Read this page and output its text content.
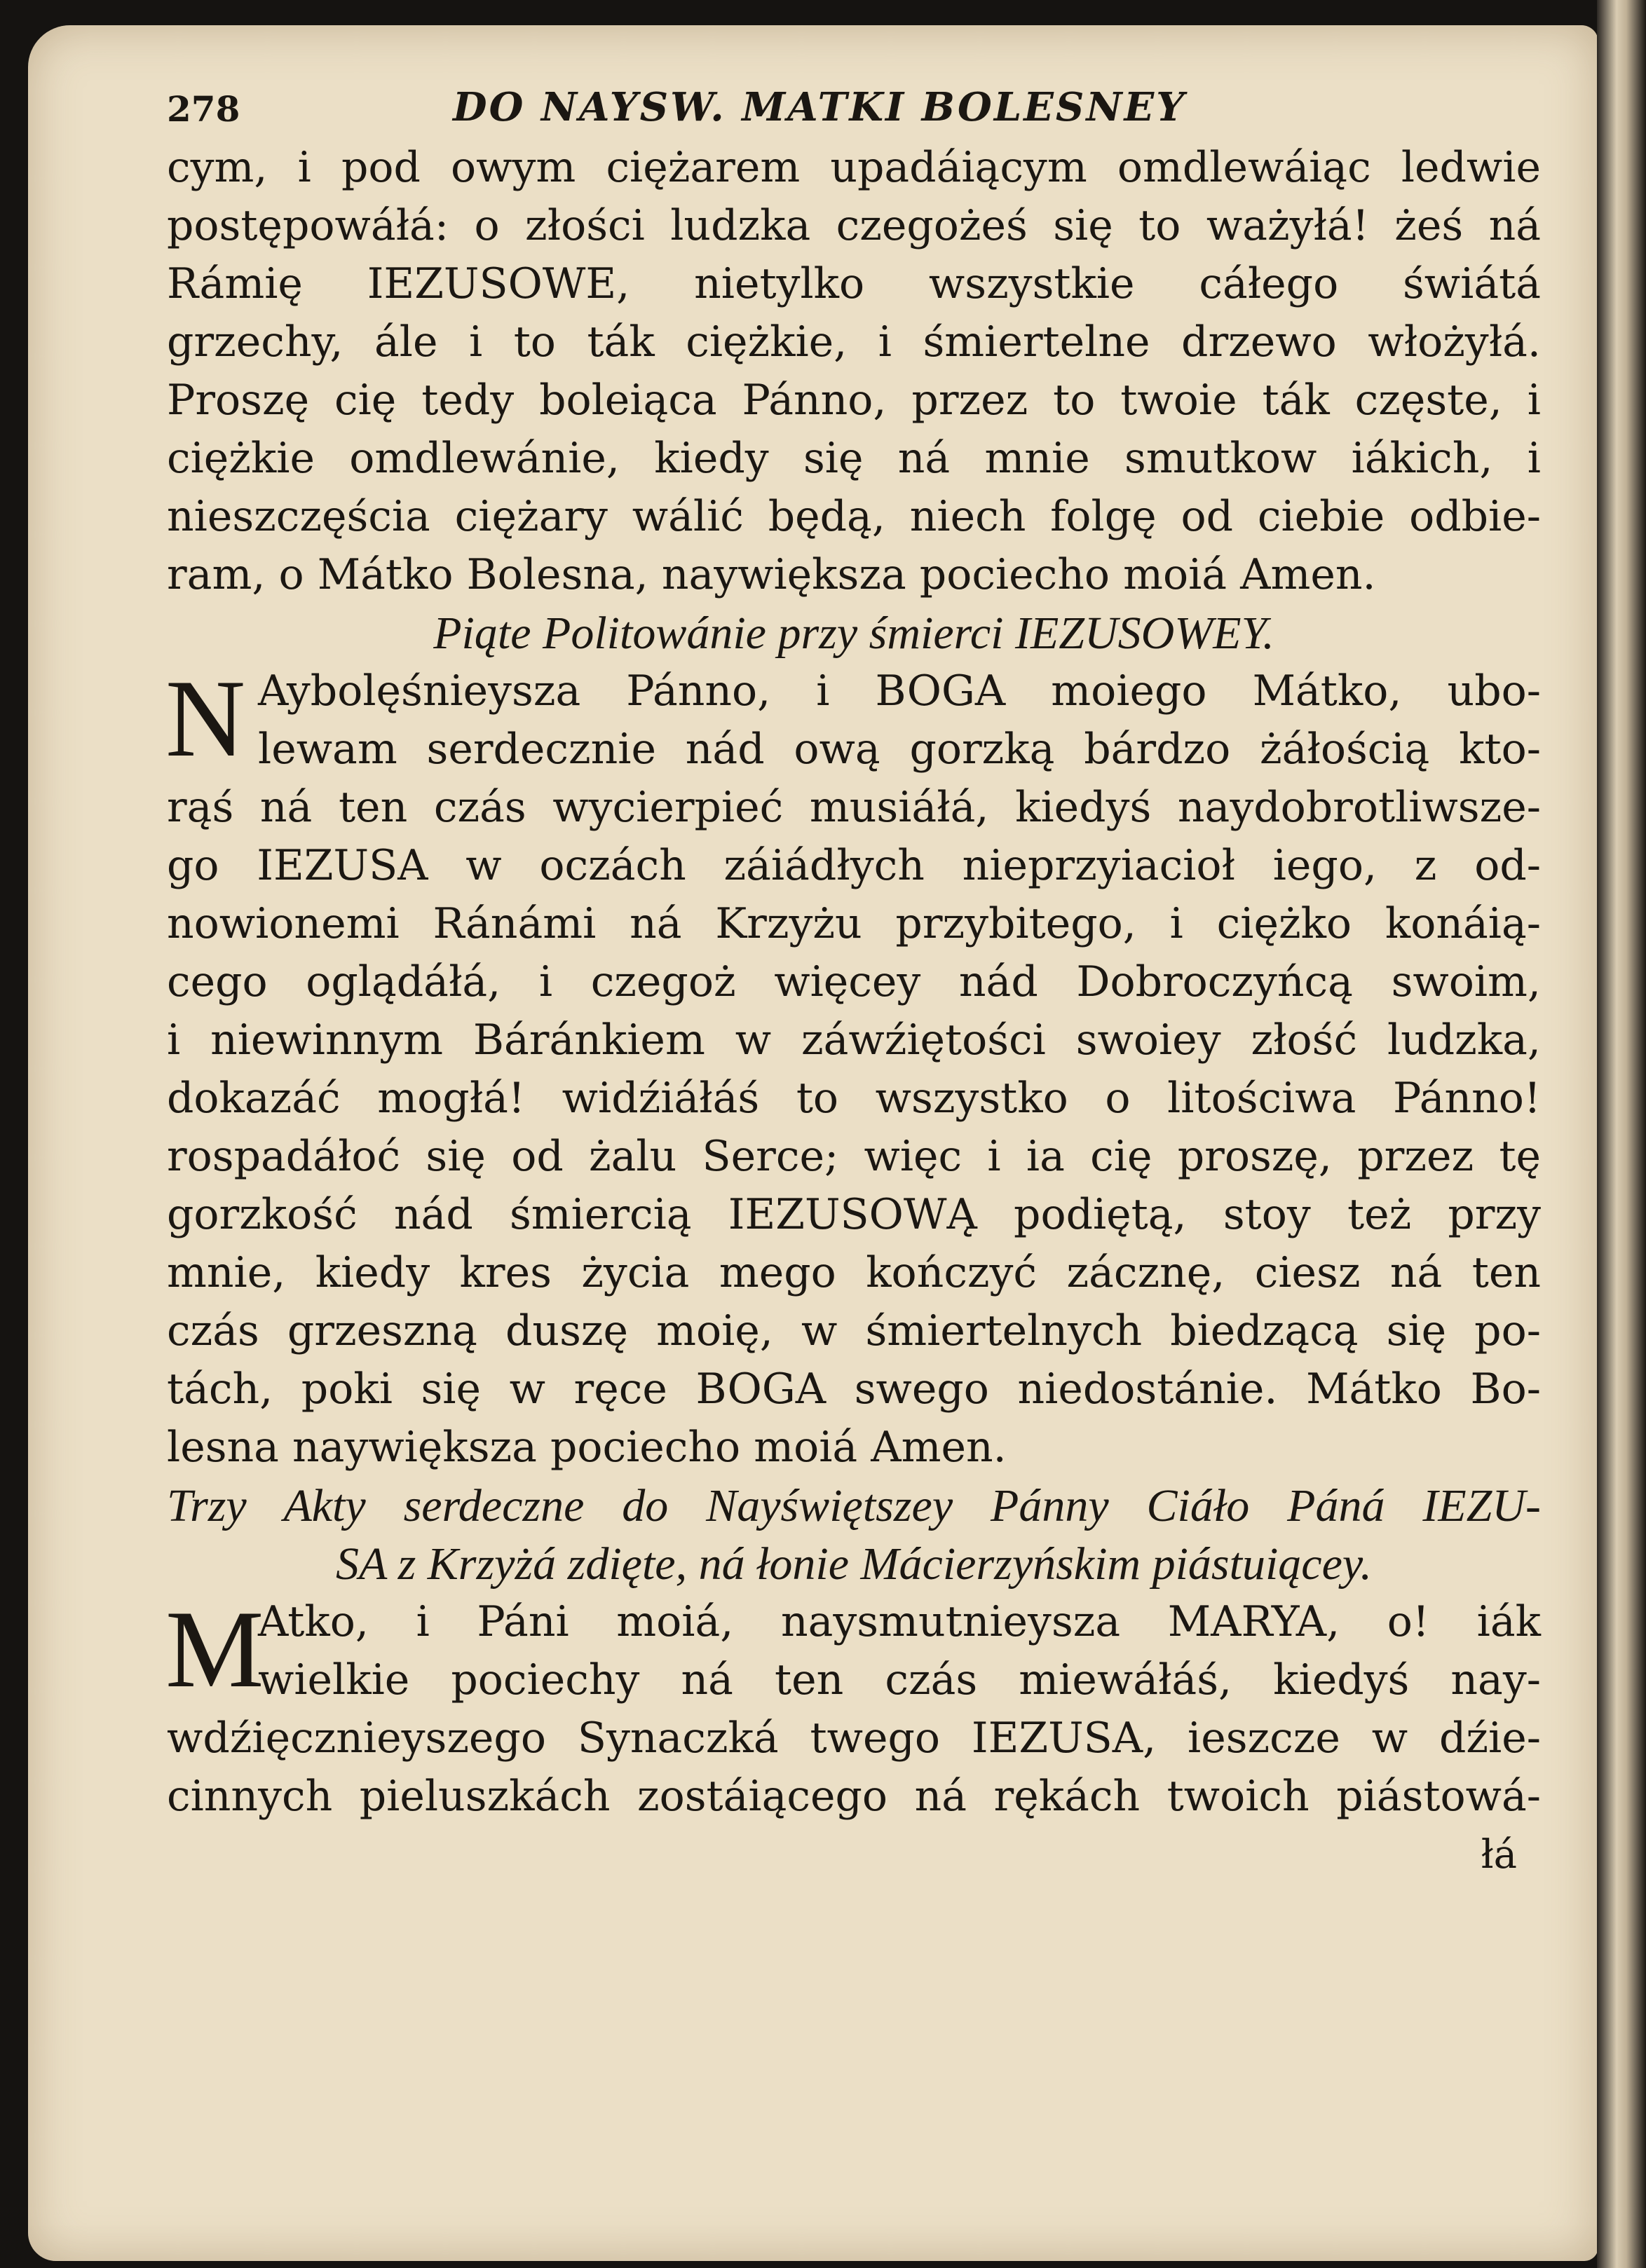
278	DO NAYSW. MATKI BOLESNEY
cym, i pod owym ciężarem upadáiącym omdlewáiąc ledwie
postępowáłá: o złości ludzka czegożeś się to ważyłá! żeś ná
Rámię IEZUSOWE, nietylko wszystkie cáłego świátá
grzechy, ále i to ták ciężkie, i śmiertelne drzewo włożyłá.
Proszę cię tedy boleiąca Pánno, przez to twoie ták częste, i
ciężkie omdlewánie, kiedy się ná mnie smutkow iákich, i
nieszczęścia ciężary wálić będą, niech folgę od ciebie odbie-
ram, o Mátko Bolesna, naywiększa pociecho moiá Amen.
Piąte Politowánie przy śmierci IEZUSOWEY.
N Aybolęśnieysza Pánno, i BOGA moiego Mátko, ubo-
lewam serdecznie nád ową gorzką bárdzo żáłością kto-
rąś ná ten czás wycierpieć musiáłá, kiedyś naydobrotliwsze-
go IEZUSA w oczách záiádłych nieprzyiacioł iego, z od-
nowionemi Ránámi ná Krzyżu przybitego, i ciężko konáią-
cego oglądáłá, i czegoż więcey nád Dobroczyńcą swoim,
i niewinnym Báránkiem w záwźiętości swoiey złość ludzka,
dokazáć mogłá! widźiáłáś to wszystko o litościwa Pánno!
rospadáłoć się od żalu Serce; więc i ia cię proszę, przez tę
gorzkość nád śmiercią IEZUSOWĄ podiętą, stoy też przy
mnie, kiedy kres życia mego kończyć zácznę, ciesz ná ten
czás grzeszną duszę moię, w śmiertelnych biedzącą się po-
tách, poki się w ręce BOGA swego niedostánie. Mátko Bo-
lesna naywiększa pociecho moiá Amen.
Trzy Akty serdeczne do Nayświętszey Pánny Ciáło Páná IEZU-
SA z Krzyżá zdięte, ná łonie Mácierzyńskim piástuiącey.
M
Atko, i Páni moiá, naysmutnieysza MARYA, o! iák
wielkie pociechy ná ten czás miewáłáś, kiedyś nay-
wdźięcznieyszego Synaczká twego IEZUSA, ieszcze w dźie-
cinnych pieluszkách zostáiącego ná rękách twoich piástowá-
łá
